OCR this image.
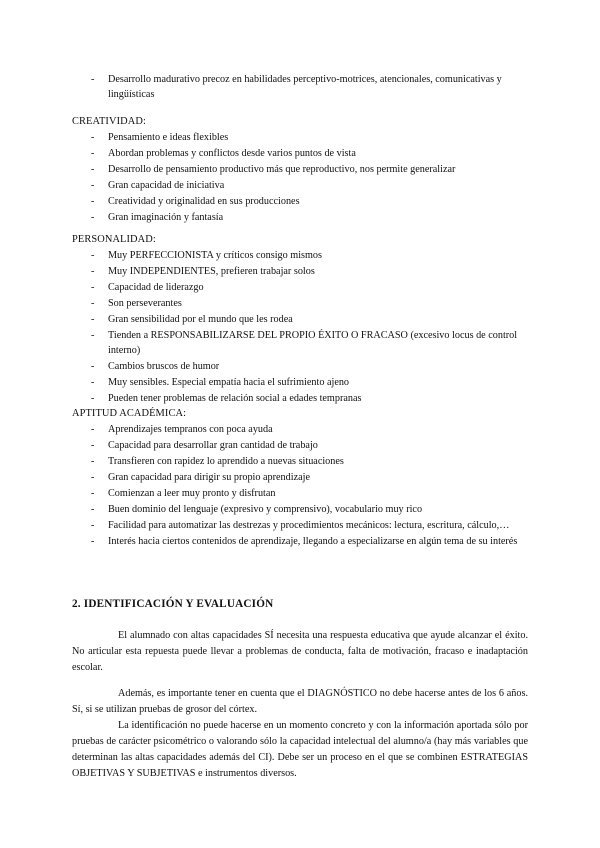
- Desarrollo madurativo precoz en habilidades perceptivo-motrices, atencionales, comunicativas y lingüísticas
CREATIVIDAD:
- Pensamiento e ideas flexibles
- Abordan problemas y conflictos desde varios puntos de vista
- Desarrollo de pensamiento productivo más que reproductivo, nos permite generalizar
- Gran capacidad de iniciativa
- Creatividad y originalidad en sus producciones
- Gran imaginación y fantasía
PERSONALIDAD:
- Muy PERFECCIONISTA y críticos consigo mismos
- Muy INDEPENDIENTES, prefieren trabajar solos
- Capacidad de liderazgo
- Son perseverantes
- Gran sensibilidad por el mundo que les rodea
- Tienden a RESPONSABILIZARSE DEL PROPIO ÉXITO O FRACASO (excesivo locus de control interno)
- Cambios bruscos de humor
- Muy sensibles. Especial empatía hacia el sufrimiento ajeno
- Pueden tener problemas de relación social a edades tempranas
APTITUD ACADÉMICA:
- Aprendizajes tempranos con poca ayuda
- Capacidad para desarrollar gran cantidad de trabajo
- Transfieren con rapidez lo aprendido a nuevas situaciones
- Gran capacidad para dirigir su propio aprendizaje
- Comienzan a leer muy pronto y disfrutan
- Buen dominio del lenguaje (expresivo y comprensivo), vocabulario muy rico
- Facilidad para automatizar las destrezas y procedimientos mecánicos: lectura, escritura, cálculo,…
- Interés hacia ciertos contenidos de aprendizaje, llegando a especializarse en algún tema de su interés
2. IDENTIFICACIÓN Y EVALUACIÓN

El alumnado con altas capacidades SÍ necesita una respuesta educativa que ayude alcanzar el éxito. No articular esta repuesta puede llevar a problemas de conducta, falta de motivación, fracaso e inadaptación escolar.

Además, es importante tener en cuenta que el DIAGNÓSTICO no debe hacerse antes de los 6 años. Sí, si se utilizan pruebas de grosor del córtex.

La identificación no puede hacerse en un momento concreto y con la información aportada sólo por pruebas de carácter psicométrico o valorando sólo la capacidad intelectual del alumno/a (hay más variables que determinan las altas capacidades además del CI). Debe ser un proceso en el que se combinen ESTRATEGIAS OBJETIVAS Y SUBJETIVAS e instrumentos diversos.
